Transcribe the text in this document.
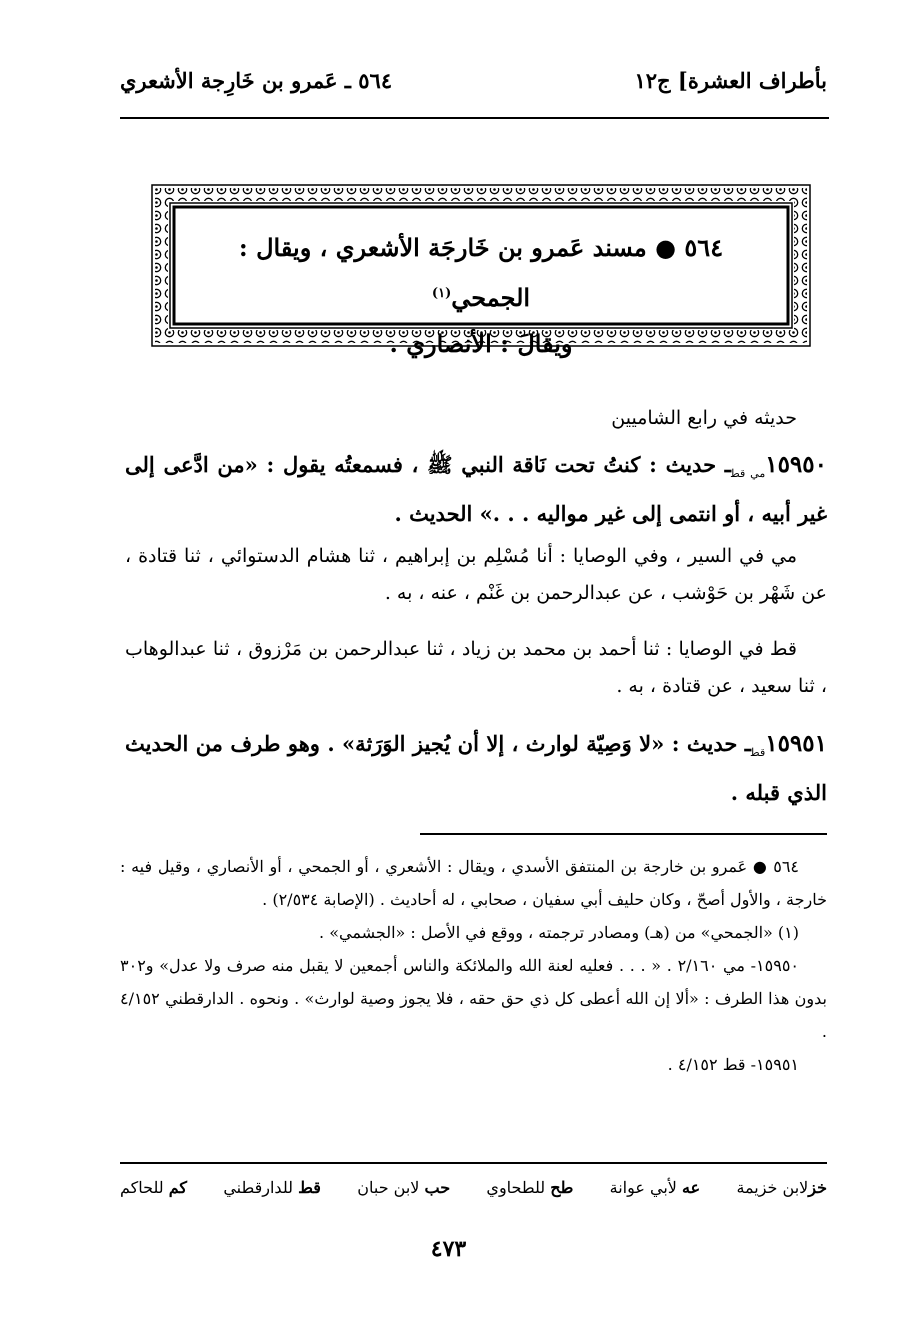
بأطراف العشرة] ج١٢
٥٦٤ ـ عَمرو بن خَارِجة الأشعري
٥٦٤ ● مسند عَمرو بن خَارجَة الأشعري ، ويقال : الجمحي$^{(١)}$
ويقالَ : الأنصاري .
حديثه في رابع الشاميين
$١٥٩٥٠_{مي قط}ـ$ حديث : كنتُ تحت نَاقة النبي ﷺ ، فسمعتُه يقول : «من ادَّعى إلى غير أبيه ، أو انتمى إلى غير مواليه . . .» الحديث .

مي في السير ، وفي الوصايا : أنا مُسْلِم بن إبراهيم ، ثنا هشام الدستوائي ، ثنا قتادة ، عن شَهْر بن حَوْشب ، عن عبدالرحمن بن غَنْم ، عنه ، به .

قط في الوصايا : ثنا أحمد بن محمد بن زياد ، ثنا عبدالرحمن بن مَرْزوق ، ثنا عبدالوهاب ، ثنا سعيد ، عن قتادة ، به .

$١٥٩٥١_{قط}ـ$ حديث : «لا وَصِيّة لوارث ، إلا أن يُجيز الوَرَثة» . وهو طرف من الحديث الذي قبله .

٥٦٤ ● عَمرو بن خارجة بن المنتفق الأسدي ، ويقال : الأشعري ، أو الجمحي ، أو الأنصاري ، وقيل فيه : خارجة ، والأول أصحّ ، وكان حليف أبي سفيان ، صحابي ، له أحاديث . (الإصابة ٢/٥٣٤) .

(١) «الجمحي» من (هـ) ومصادر ترجمته ، ووقع في الأصل : «الجشمي» .

١٥٩٥٠- مي ٢/١٦٠ . « . . . فعليه لعنة الله والملائكة والناس أجمعين لا يقبل منه صرف ولا عدل» و٣٠٢ بدون هذا الطرف : «ألا إن الله أعطى كل ذي حق حقه ، فلا يجوز وصية لوارث» . ونحوه . الدارقطني ٤/١٥٢ .

١٥٩٥١- قط ٤/١٥٢ .

خزلابن خزيمة
عه لأبي عوانة
طح للطحاوي
حب لابن حبان
قط للدارقطني
كم للحاكم
٤٧٣
